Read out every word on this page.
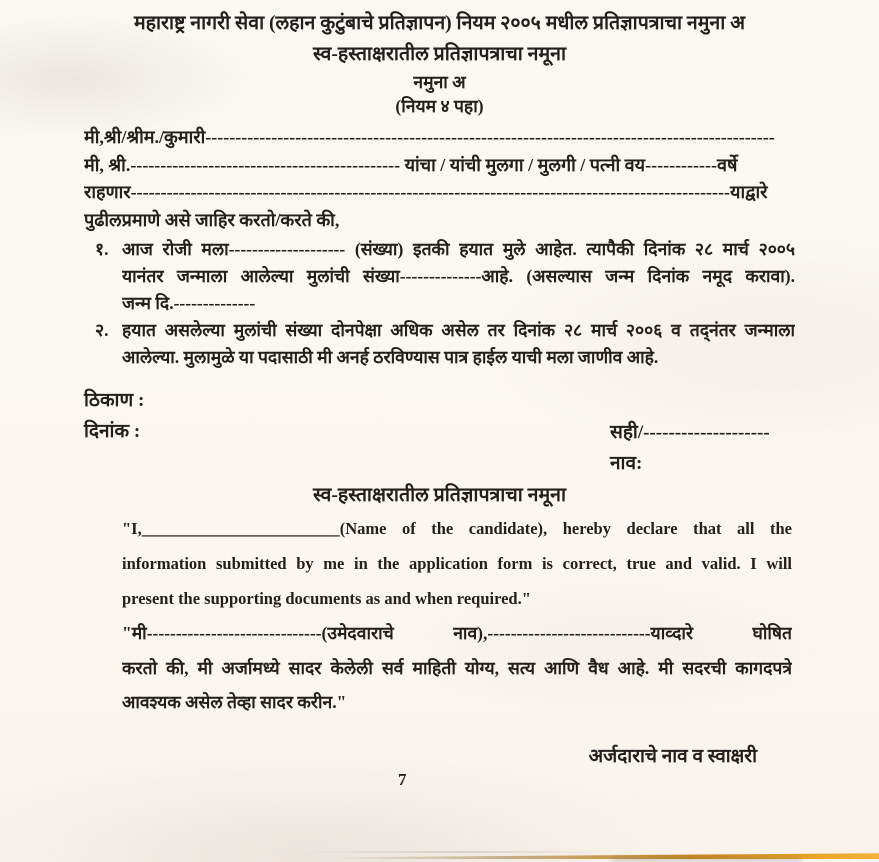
महाराष्ट्र नागरी सेवा (लहान कुटुंबाचे प्रतिज्ञापन) नियम २००५ मधील प्रतिज्ञापत्राचा नमुना अ
स्व-हस्ताक्षरातील प्रतिज्ञापत्राचा नमूना
नमुना अ
(नियम ४ पहा)
मी,श्री/श्रीम./कुमारी-----------------------------------------------------------------------------------------------
मी, श्री.--------------------------------------------- यांचा / यांची मुलगा / मुलगी / पत्नी वय------------वर्षे
राहणार----------------------------------------------------------------------------------------------------याद्वारे
पुढीलप्रमाणे असे जाहिर करतो/करते की,
१. आज रोजी मला-------------------- (संख्या) इतकी हयात मुले आहेत. त्यापैकी दिनांक २८ मार्च २००५
यानंतर जन्माला आलेल्या मुलांची संख्या--------------आहे. (असल्यास जन्म दिनांक नमूद करावा).
जन्म दि.--------------
२. हयात असलेल्या मुलांची संख्या दोनपेक्षा अधिक असेल तर दिनांक २८ मार्च २००६ व तद्नंतर जन्माला
आलेल्या. मुलामुळे या पदासाठी मी अनर्ह ठरविण्यास पात्र हाईल याची मला जाणीव आहे.
ठिकाण :
दिनांक :	सही/--------------------
नाव:
स्व-हस्ताक्षरातील प्रतिज्ञापत्राचा नमूना
"I,________________________(Name of the candidate), hereby declare that all the
information submitted by me in the application form is correct, true and valid. I will
present the supporting documents as and when required."
"मी------------------------------(उमेदवाराचे नाव),----------------------------याव्दारे घोषित
करतो की, मी अर्जामध्ये सादर केलेली सर्व माहिती योग्य, सत्य आणि वैध आहे. मी सदरची कागदपत्रे
आवश्यक असेल तेव्हा सादर करीन."
अर्जदाराचे नाव व स्वाक्षरी
7
